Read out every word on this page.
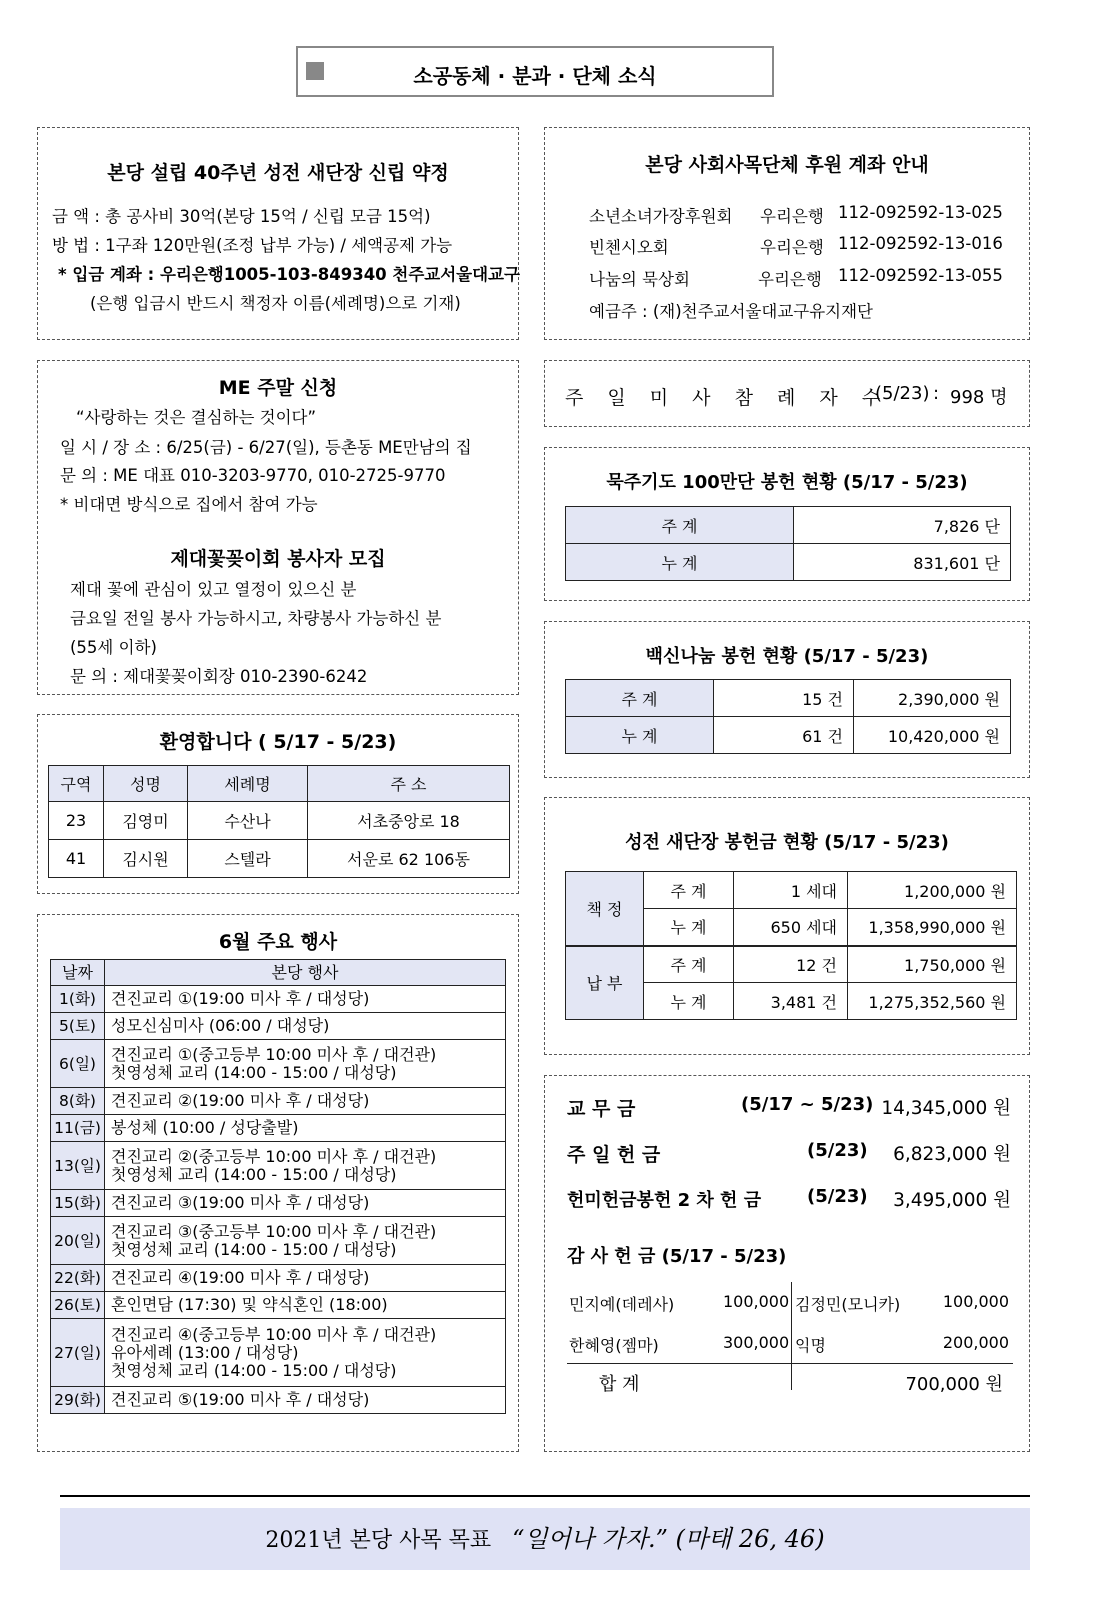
소공동체 · 분과 · 단체 소식
본당 설립 40주년 성전 새단장 신립 약정
금 액 : 총 공사비 30억(본당 15억 / 신립 모금 15억)
방 법 : 1구좌 120만원(조정 납부 가능) / 세액공제 가능
* 입금 계좌 : 우리은행1005-103-849340 천주교서울대교구
(은행 입금시 반드시 책정자 이름(세례명)으로 기재)
본당 사회사목단체 후원 계좌 안내
소년소녀가장후원회 우리은행 112-092592-13-025
빈첸시오회	우리은행 112-092592-13-016
나눔의 묵상회	우리은행 112-092592-13-055
예금주 : (재)천주교서울대교구유지재단
ME 주말 신청
“사랑하는 것은 결심하는 것이다”
일 시 / 장 소 : 6/25(금) - 6/27(일), 등촌동 ME만남의 집
문 의 : ME 대표 010-3203-9770, 010-2725-9770
* 비대면 방식으로 집에서 참여 가능
제대꽃꽂이회 봉사자 모집
제대 꽃에 관심이 있고 열정이 있으신 분
금요일 전일 봉사 가능하시고, 차량봉사 가능하신 분
(55세 이하)
문 의 : 제대꽃꽂이회장 010-2390-6242
주 일 미 사 참 례 자 수
(5/23) : 998 명
묵주기도 100만단 봉헌 현황 (5/17 - 5/23)
주 계	7,826 단
누 계	831,601 단
백신나눔 봉헌 현황 (5/17 - 5/23)
주 계	15 건	2,390,000 원
누 계	61 건	10,420,000 원
환영합니다 ( 5/17 - 5/23)
구역	성명	세례명	주 소
23	김영미	수산나	서초중앙로 18
41	김시원	스텔라	서운로 62 106동
성전 새단장 봉헌금 현황 (5/17 - 5/23)
책 정	주 계	1 세대	1,200,000 원
	누 계	650 세대	1,358,990,000 원
납 부	주 계	12 건	1,750,000 원
	누 계	3,481 건	1,275,352,560 원
6월 주요 행사
날짜	본당 행사
1(화)	견진교리 ①(19:00 미사 후 / 대성당)

5(토)	성모신심미사 (06:00 / 대성당)

6(일)	견진교리 ①(중고등부 10:00 미사 후 / 대건관)
첫영성체 교리 (14:00 - 15:00 / 대성당)

8(화)	견진교리 ②(19:00 미사 후 / 대성당)

11(금)	봉성체 (10:00 / 성당출발)

13(일)	견진교리 ②(중고등부 10:00 미사 후 / 대건관)
첫영성체 교리 (14:00 - 15:00 / 대성당)

15(화)	견진교리 ③(19:00 미사 후 / 대성당)

20(일)	견진교리 ③(중고등부 10:00 미사 후 / 대건관)
첫영성체 교리 (14:00 - 15:00 / 대성당)

22(화)	견진교리 ④(19:00 미사 후 / 대성당)

26(토)	혼인면담 (17:30) 및 약식혼인 (18:00)

27(일)	견진교리 ④(중고등부 10:00 미사 후 / 대건관)
유아세례 (13:00 / 대성당)
첫영성체 교리 (14:00 - 15:00 / 대성당)

29(화)	견진교리 ⑤(19:00 미사 후 / 대성당)
교 무 금	(5/17 ~ 5/23) 14,345,000 원
주 일 헌 금	(5/23) 6,823,000 원
헌미헌금봉헌 2 차 헌 금	(5/23) 3,495,000 원
감 사 헌 금 (5/17 - 5/23)
민지예(데레사)	100,000 김정민(모니카)	100,000
한혜영(젬마)	300,000 익명	200,000
합 계	700,000 원
2021년 본당 사목 목표 “일어나 가자.” (마태 26, 46)
